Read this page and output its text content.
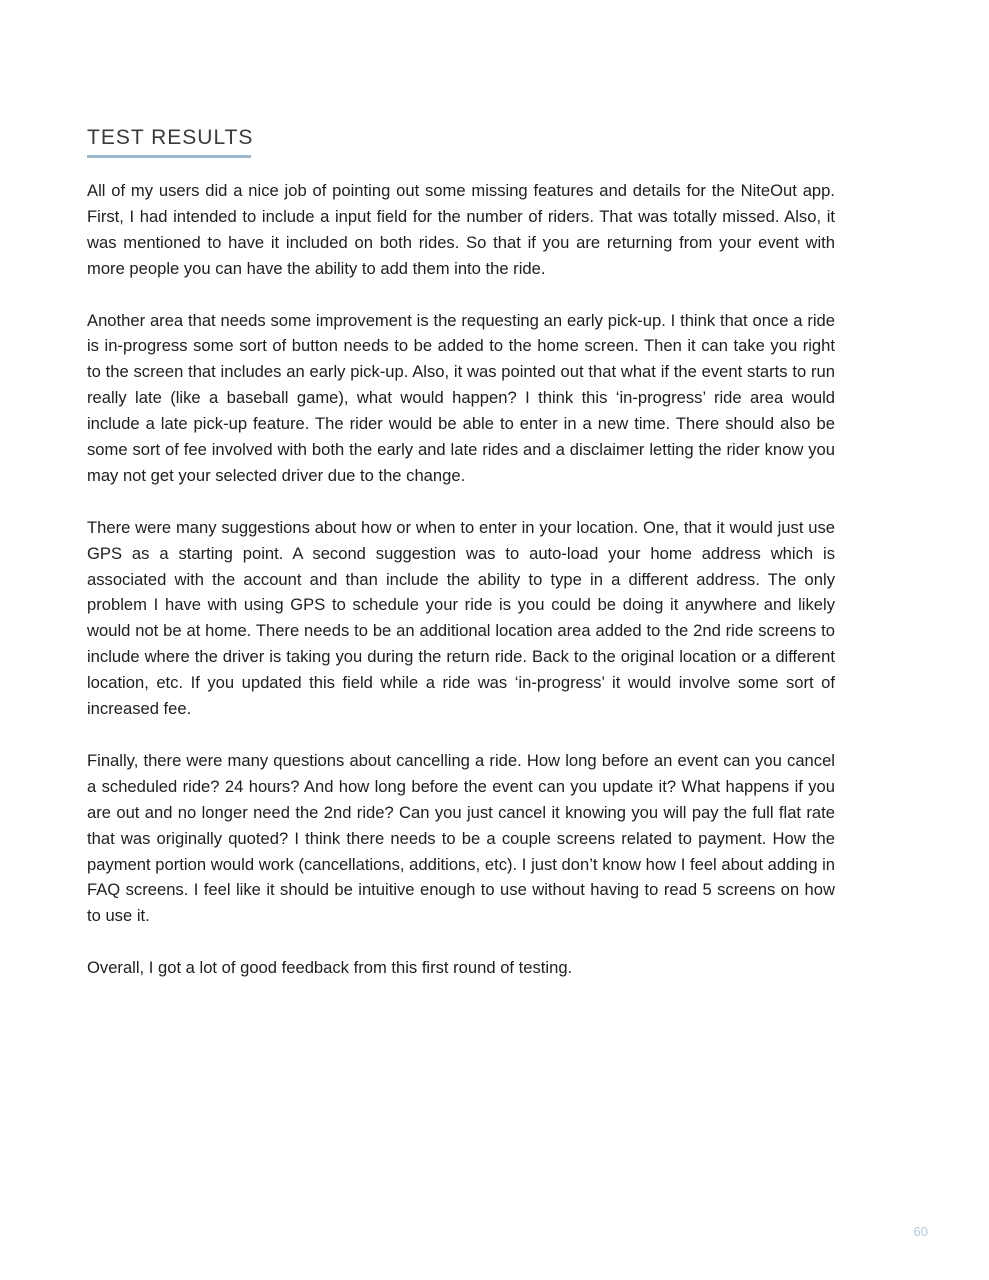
TEST RESULTS

All of my users did a nice job of pointing out some missing features and details for the NiteOut app. First, I had intended to include a input field for the number of riders. That was totally missed. Also, it was mentioned to have it included on both rides. So that if you are returning from your event with more people you can have the ability to add them into the ride.

Another area that needs some improvement is the requesting an early pick-up. I think that once a ride is in-progress some sort of button needs to be added to the home screen. Then it can take you right to the screen that includes an early pick-up. Also, it was pointed out that what if the event starts to run really late (like a baseball game), what would happen? I think this ‘in-progress’ ride area would include a late pick-up feature. The rider would be able to enter in a new time. There should also be some sort of fee involved with both the early and late rides and a disclaimer letting the rider know you may not get your selected driver due to the change.

There were many suggestions about how or when to enter in your location. One, that it would just use GPS as a starting point. A second suggestion was to auto-load your home address which is associated with the account and than include the ability to type in a different address. The only problem I have with using GPS to schedule your ride is you could be doing it anywhere and likely would not be at home. There needs to be an additional location area added to the 2nd ride screens to include where the driver is taking you during the return ride. Back to the original location or a different location, etc. If you updated this field while a ride was ‘in-progress’ it would involve some sort of increased fee.

Finally, there were many questions about cancelling a ride. How long before an event can you cancel a scheduled ride? 24 hours? And how long before the event can you update it? What happens if you are out and no longer need the 2nd ride? Can you just cancel it knowing you will pay the full flat rate that was originally quoted? I think there needs to be a couple screens related to payment. How the payment portion would work (cancellations, additions, etc). I just don’t know how I feel about adding in FAQ screens. I feel like it should be intuitive enough to use without having to read 5 screens on how to use it.

Overall, I got a lot of good feedback from this first round of testing.

60
